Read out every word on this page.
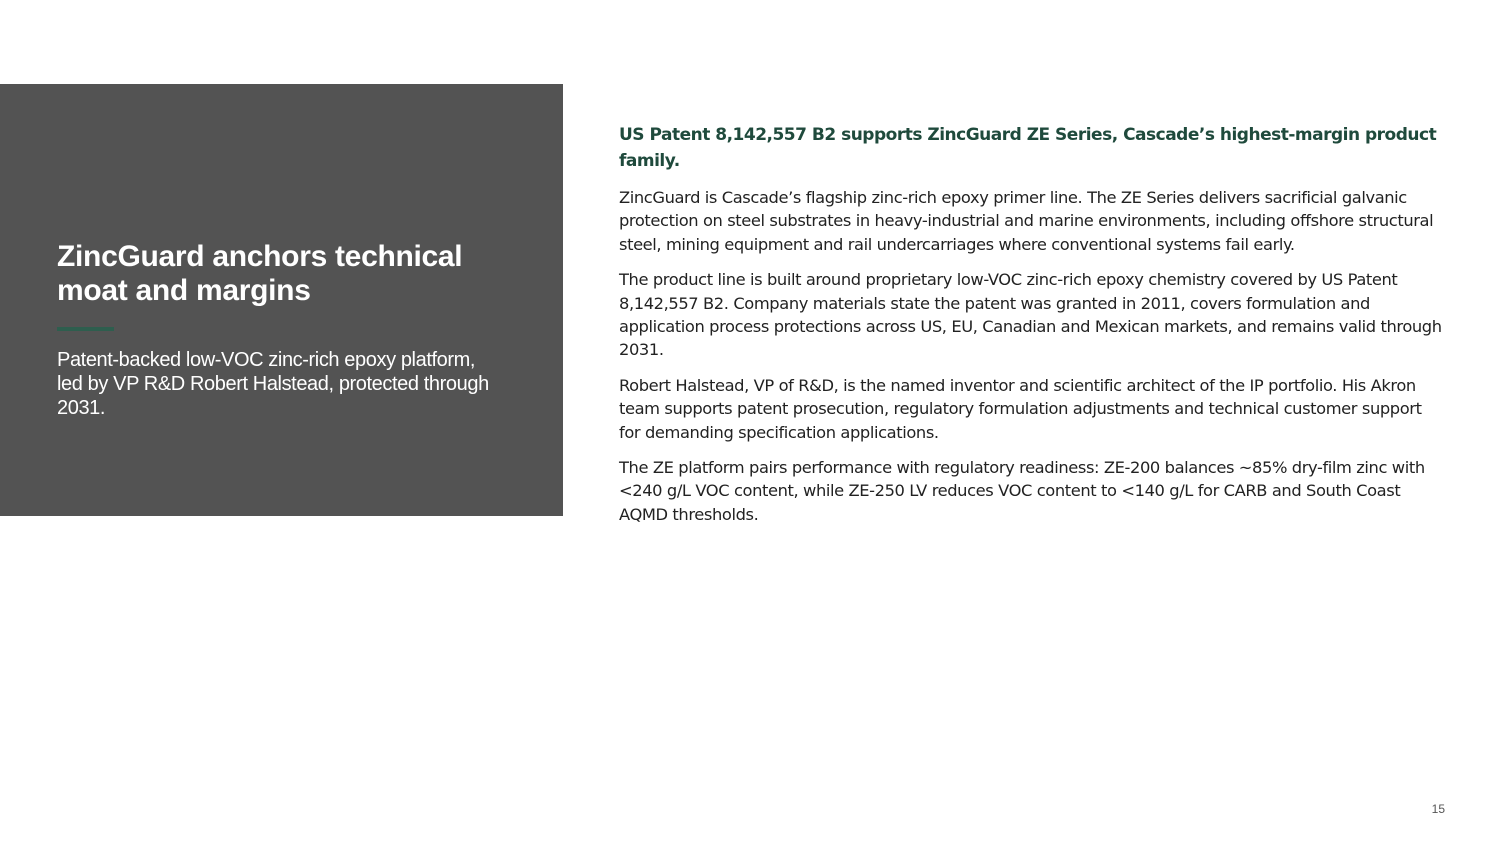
ZincGuard anchors technical moat and margins

Patent-backed low-VOC zinc-rich epoxy platform, led by VP R&D Robert Halstead, protected through 2031.

US Patent 8,142,557 B2 supports ZincGuard ZE Series, Cascade’s highest-margin product family.

ZincGuard is Cascade’s flagship zinc-rich epoxy primer line. The ZE Series delivers sacrificial galvanic protection on steel substrates in heavy-industrial and marine environments, including offshore structural steel, mining equipment and rail undercarriages where conventional systems fail early.

The product line is built around proprietary low-VOC zinc-rich epoxy chemistry covered by US Patent 8,142,557 B2. Company materials state the patent was granted in 2011, covers formulation and application process protections across US, EU, Canadian and Mexican markets, and remains valid through 2031.

Robert Halstead, VP of R&D, is the named inventor and scientific architect of the IP portfolio. His Akron team supports patent prosecution, regulatory formulation adjustments and technical customer support for demanding specification applications.

The ZE platform pairs performance with regulatory readiness: ZE-200 balances ~85% dry-film zinc with <240 g/L VOC content, while ZE-250 LV reduces VOC content to <140 g/L for CARB and South Coast AQMD thresholds.

15
